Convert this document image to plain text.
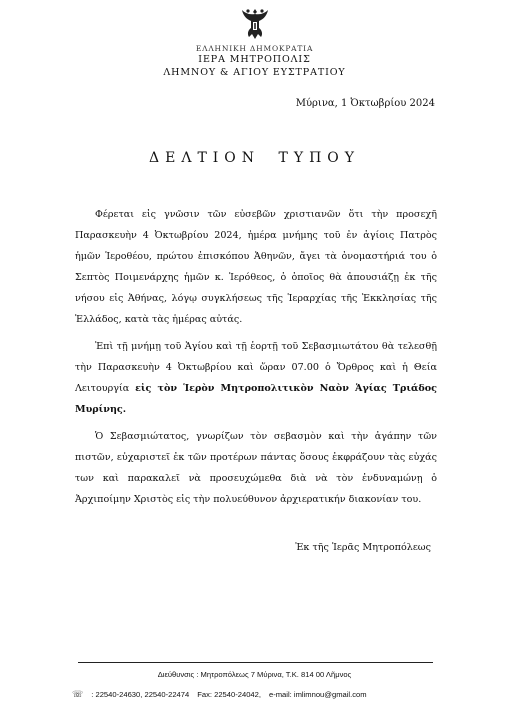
ΕΛΛΗΝΙΚΗ ΔΗΜΟΚΡΑΤΙΑ
ΙΕΡΑ ΜΗΤΡΟΠΟΛΙΣ
ΛΗΜΝΟΥ & ΑΓΙΟΥ ΕΥΣΤΡΑΤΙΟΥ
Μύρινα, 1 Ὀκτωβρίου 2024
ΔΕΛΤΙΟΝ ΤΥΠΟΥ

Φέρεται εἰς γνῶσιν τῶν εὐσεβῶν χριστιανῶν ὅτι τὴν προσεχῆ Παρασκευὴν 4 Ὀκτωβρίου 2024, ἡμέρα μνήμης τοῦ ἐν ἁγίοις Πατρὸς ἡμῶν Ἱεροθέου, πρώτου ἐπισκόπου Ἀθηνῶν, ἄγει τὰ ὀνομαστήριά του ὁ Σεπτὸς Ποιμενάρχης ἡμῶν κ. Ἱερόθεος, ὁ ὁποῖος θὰ ἀπουσιάζῃ ἐκ τῆς νήσου εἰς Ἀθήνας, λόγῳ συγκλήσεως τῆς Ἱεραρχίας τῆς Ἐκκλησίας τῆς Ἑλλάδος, κατὰ τὰς ἡμέρας αὐτάς.

Ἐπὶ τῇ μνήμῃ τοῦ Ἁγίου καὶ τῇ ἑορτῇ τοῦ Σεβασμιωτάτου θὰ τελεσθῇ τὴν Παρασκευὴν 4 Ὀκτωβρίου καὶ ὥραν 07.00 ὁ Ὄρθρος καὶ ἡ Θεία Λειτουργία εἰς τὸν Ἱερὸν Μητροπολιτικὸν Ναὸν Ἁγίας Τριάδος Μυρίνης.

Ὁ Σεβασμιώτατος, γνωρίζων τὸν σεβασμὸν καὶ τὴν ἀγάπην τῶν πιστῶν, εὐχαριστεῖ ἐκ τῶν προτέρων πάντας ὅσους ἐκφράζουν τὰς εὐχάς των καὶ παρακαλεῖ νὰ προσευχώμεθα διὰ νὰ τὸν ἐνδυναμώνῃ ὁ Ἀρχιποίμην Χριστὸς εἰς τὴν πολυεύθυνον ἀρχιερατικήν διακονίαν του.

Ἐκ τῆς Ἱερᾶς Μητροπόλεως
Διεύθυνσις : Μητροπόλεως 7 Μύρινα, Τ.Κ. 814 00 Λῆμνος
☏ : 22540-24630, 22540-22474 Fax: 22540-24042, e-mail: imlimnou@gmail.com
